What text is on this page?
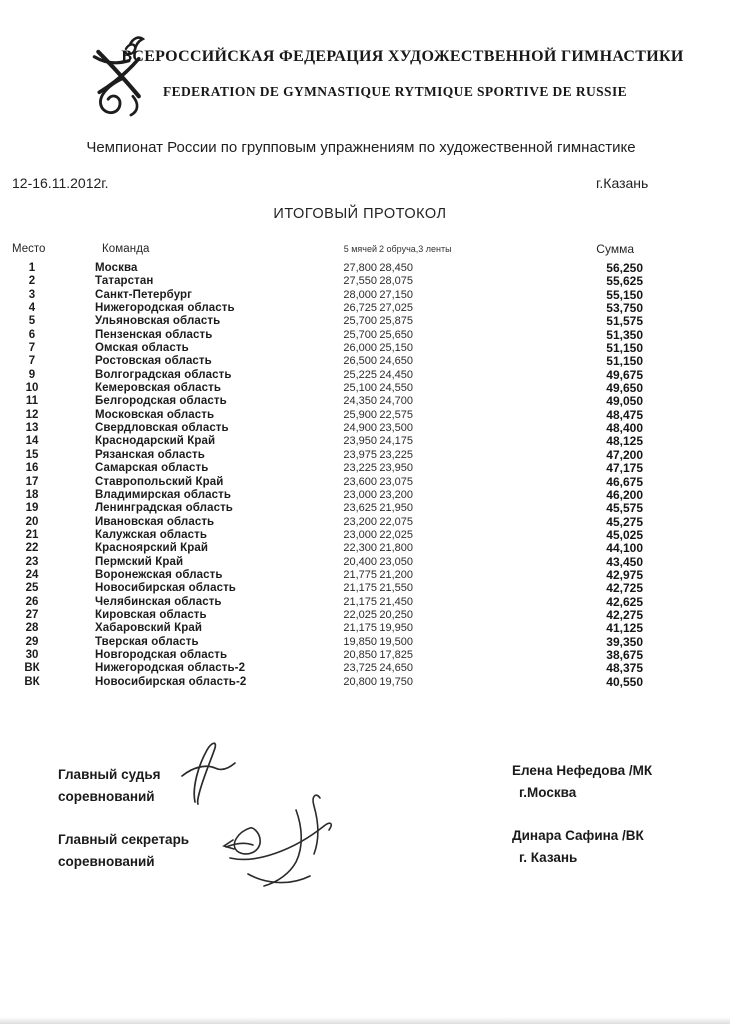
ВСЕРОССИЙСКАЯ ФЕДЕРАЦИЯ ХУДОЖЕСТВЕННОЙ ГИМНАСТИКИ
FEDERATION DE GYMNASTIQUE RYTMIQUE SPORTIVE DE RUSSIE
Чемпионат России по групповым упражнениям по художественной гимнастике
12-16.11.2012г.	г.Казань
ИТОГОВЫЙ ПРОТОКОЛ
Место	Команда	5 мячей 2 обруча,3 ленты	Сумма
1	Москва	27,800 28,450	56,250
2	Татарстан	27,550 28,075	55,625
3	Санкт-Петербург	28,000 27,150	55,150
4	Нижегородская область	26,725 27,025	53,750
5	Ульяновская область	25,700 25,875	51,575
6	Пензенская область	25,700 25,650	51,350
7	Омская область	26,000 25,150	51,150
7	Ростовская область	26,500 24,650	51,150
9	Волгоградская область	25,225 24,450	49,675
10	Кемеровская область	25,100 24,550	49,650
11	Белгородская область	24,350 24,700	49,050
12	Московская область	25,900 22,575	48,475
13	Свердловская область	24,900 23,500	48,400
14	Краснодарский Край	23,950 24,175	48,125
15	Рязанская область	23,975 23,225	47,200
16	Самарская область	23,225 23,950	47,175
17	Ставропольский Край	23,600 23,075	46,675
18	Владимирская область	23,000 23,200	46,200
19	Ленинградская область	23,625 21,950	45,575
20	Ивановская область	23,200 22,075	45,275
21	Калужская область	23,000 22,025	45,025
22	Красноярский Край	22,300 21,800	44,100
23	Пермский Край	20,400 23,050	43,450
24	Воронежская область	21,775 21,200	42,975
25	Новосибирская область	21,175 21,550	42,725
26	Челябинская область	21,175 21,450	42,625
27	Кировская область	22,025 20,250	42,275
28	Хабаровский Край	21,175 19,950	41,125
29	Тверская область	19,850 19,500	39,350
30	Новгородская область	20,850 17,825	38,675
ВК	Нижегородская область-2	23,725 24,650	48,375
ВК	Новосибирская область-2	20,800 19,750	40,550
Главный судья
соревнований
Елена Нефедова /МК
г.Москва
Главный секретарь
соревнований
Динара Сафина /ВК
г. Казань
